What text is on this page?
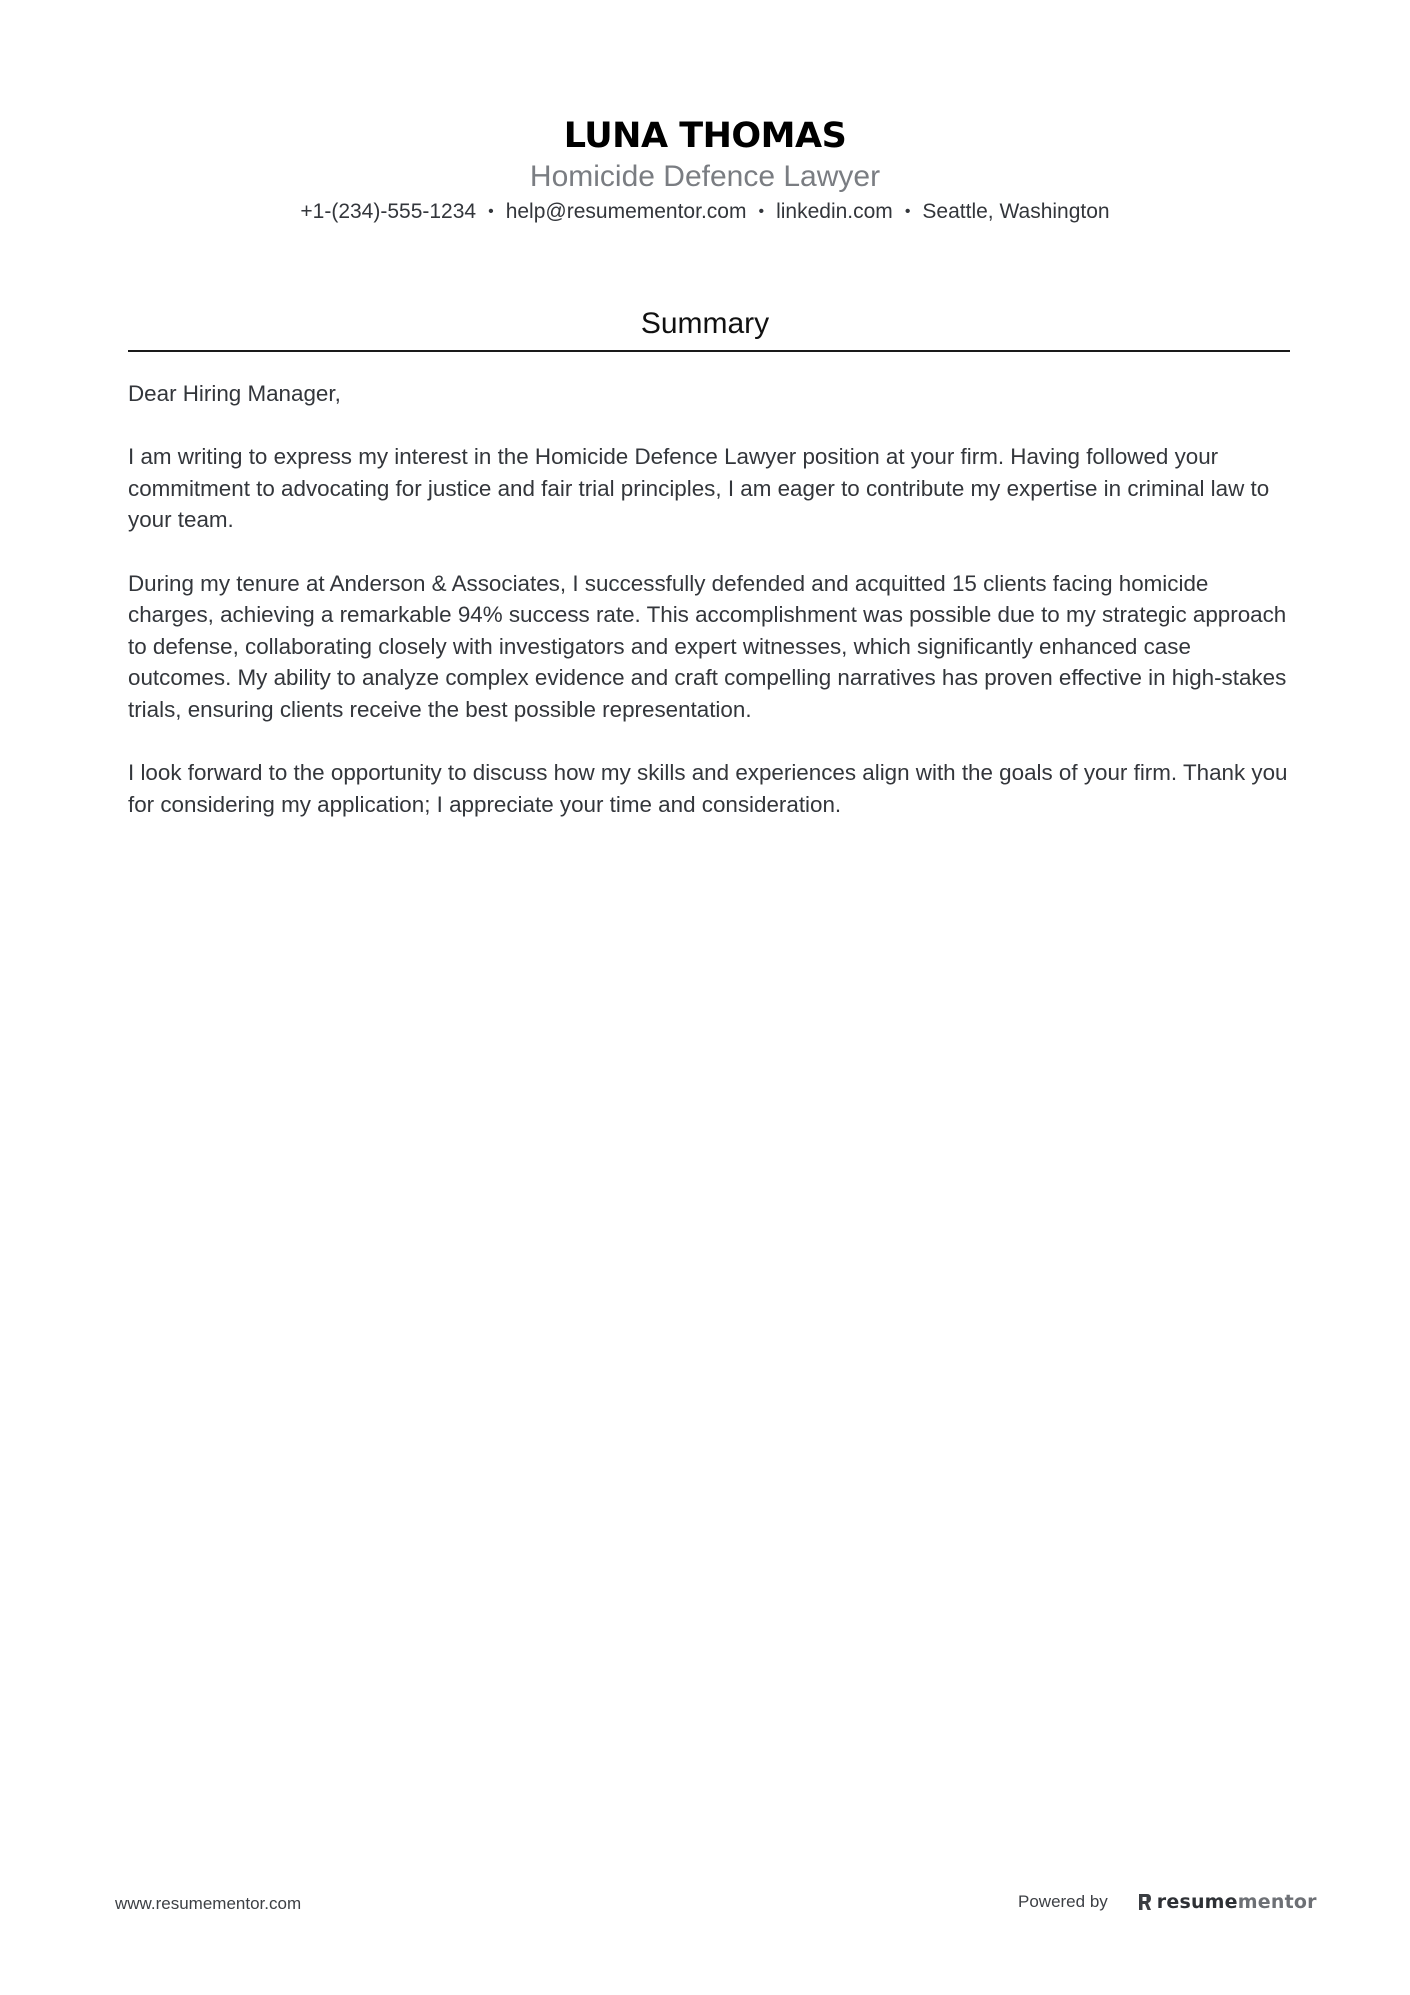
LUNA THOMAS
Homicide Defence Lawyer
+1-(234)-555-1234 • help@resumementor.com • linkedin.com • Seattle, Washington
Summary

Dear Hiring Manager,

I am writing to express my interest in the Homicide Defence Lawyer position at your firm. Having followed your commitment to advocating for justice and fair trial principles, I am eager to contribute my expertise in criminal law to your team.

During my tenure at Anderson & Associates, I successfully defended and acquitted 15 clients facing homicide charges, achieving a remarkable 94% success rate. This accomplishment was possible due to my strategic approach to defense, collaborating closely with investigators and expert witnesses, which significantly enhanced case outcomes. My ability to analyze complex evidence and craft compelling narratives has proven effective in high-stakes trials, ensuring clients receive the best possible representation.

I look forward to the opportunity to discuss how my skills and experiences align with the goals of your firm. Thank you for considering my application; I appreciate your time and consideration.

www.resumementor.com	Powered by	resume mentor
